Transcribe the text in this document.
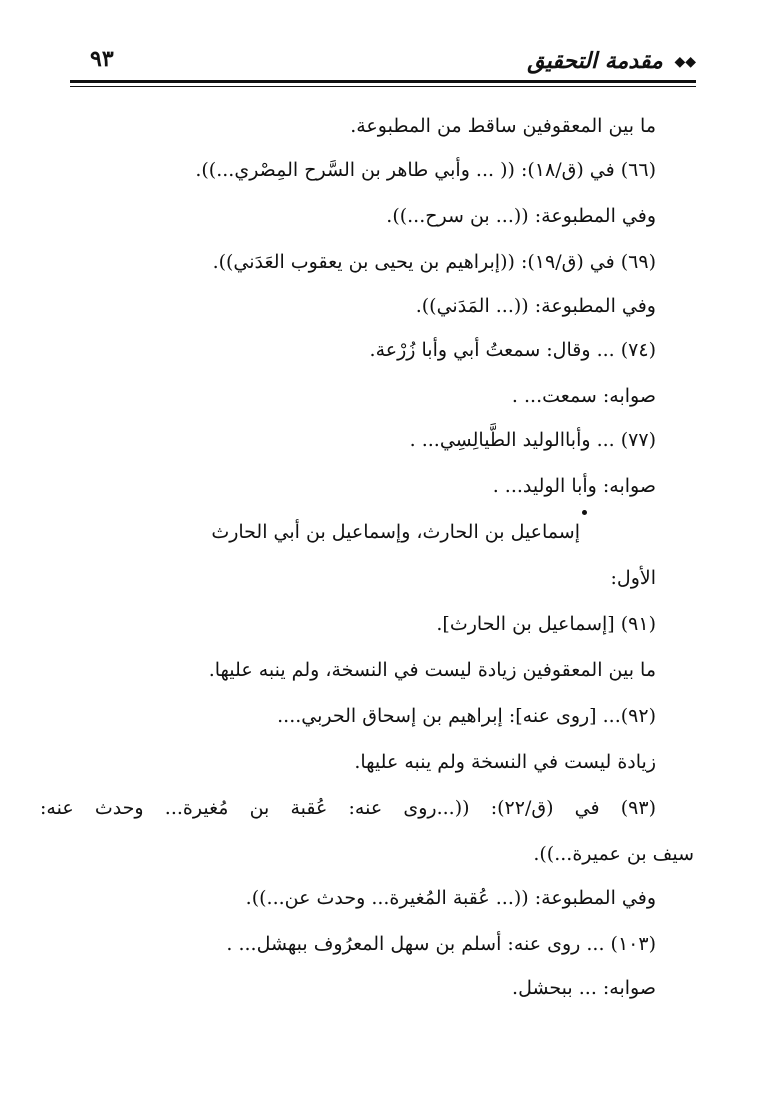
◆◆ مقدمة التحقيق
٩٣
ما بين المعقوفين ساقط من المطبوعة.
(٦٦) في (ق/١٨): (( ... وأبي طاهر بن السَّرح المِصْري...)).
وفي المطبوعة: ((... بن سرح...)).
(٦٩) في (ق/١٩): ((إبراهيم بن يحيى بن يعقوب العَدَني)).
وفي المطبوعة: ((... المَدَني)).
(٧٤) ... وقال: سمعتُ أبي وأبا زُرْعة.
صوابه: سمعت... .
(٧٧) ... وأباالوليد الطَّيالِسِي... .
صوابه: وأبا الوليد... .
إسماعيل بن الحارث، وإسماعيل بن أبي الحارث
الأول:
(٩١) [إسماعيل بن الحارث].
ما بين المعقوفين زيادة ليست في النسخة، ولم ينبه عليها.
(٩٢)... [روى عنه]: إبراهيم بن إسحاق الحربي....
زيادة ليست في النسخة ولم ينبه عليها.
(٩٣) في (ق/٢٢): ((...روى عنه: عُقبة بن مُغيرة... وحدث عنه:
سيف بن عميرة...)).
وفي المطبوعة: ((... عُقبة المُغيرة... وحدث عن...)).
(١٠٣) ... روى عنه: أسلم بن سهل المعرُوف ببهشل... .
صوابه: ... ببحشل.
